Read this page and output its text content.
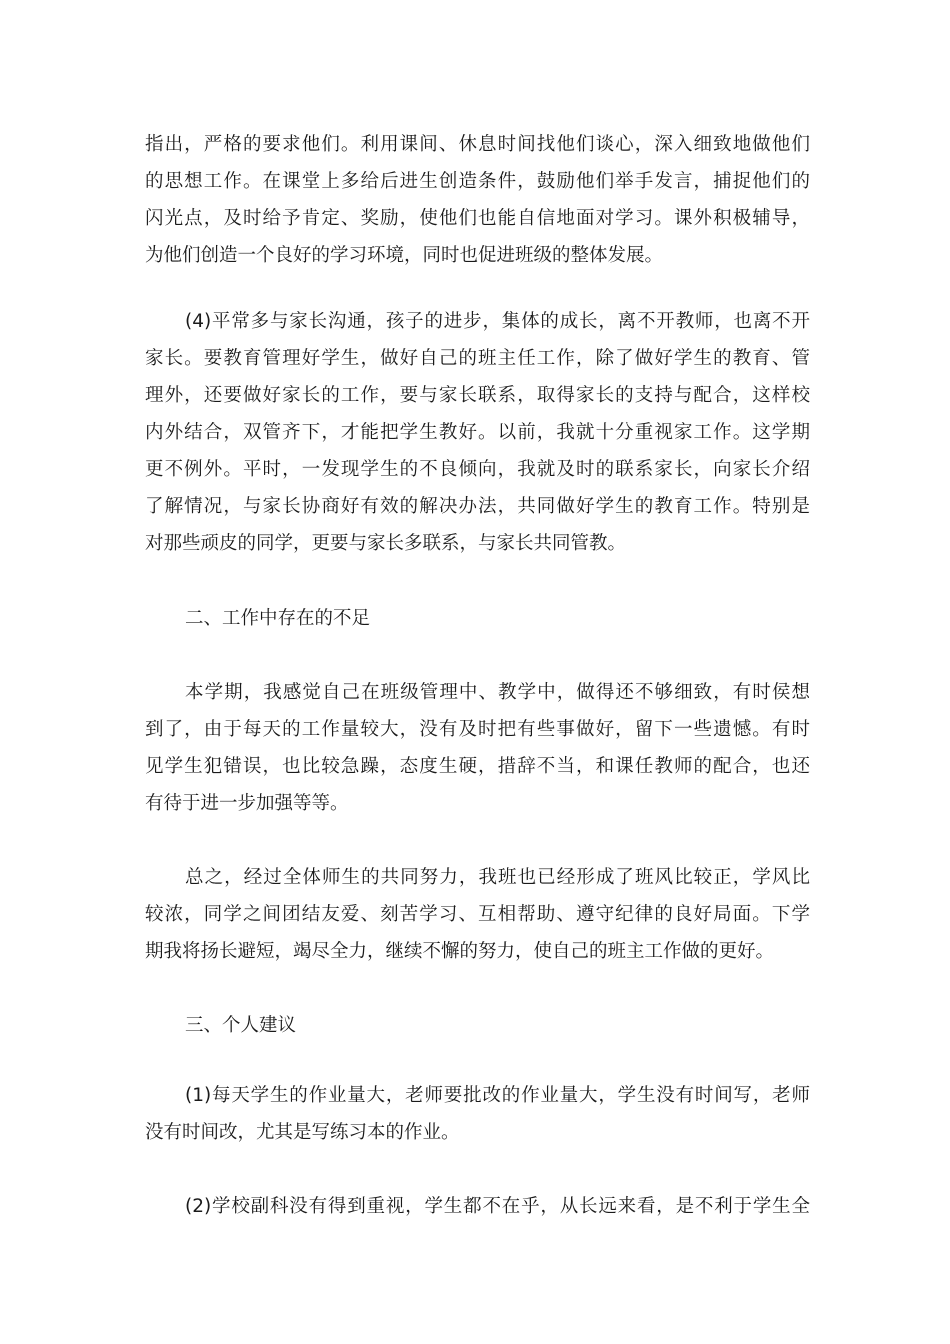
指出，严格的要求他们。利用课间、休息时间找他们谈心，深入细致地做他们
的思想工作。在课堂上多给后进生创造条件，鼓励他们举手发言，捕捉他们的
闪光点，及时给予肯定、奖励，使他们也能自信地面对学习。课外积极辅导，
为他们创造一个良好的学习环境，同时也促进班级的整体发展。
(4)平常多与家长沟通，孩子的进步，集体的成长，离不开教师，也离不开
家长。要教育管理好学生，做好自己的班主任工作，除了做好学生的教育、管
理外，还要做好家长的工作，要与家长联系，取得家长的支持与配合，这样校
内外结合，双管齐下，才能把学生教好。以前，我就十分重视家工作。这学期
更不例外。平时，一发现学生的不良倾向，我就及时的联系家长，向家长介绍
了解情况，与家长协商好有效的解决办法，共同做好学生的教育工作。特别是
对那些顽皮的同学，更要与家长多联系，与家长共同管教。
二、工作中存在的不足
本学期，我感觉自己在班级管理中、教学中，做得还不够细致，有时侯想
到了，由于每天的工作量较大，没有及时把有些事做好，留下一些遗憾。有时
见学生犯错误，也比较急躁，态度生硬，措辞不当，和课任教师的配合，也还
有待于进一步加强等等。
总之，经过全体师生的共同努力，我班也已经形成了班风比较正，学风比
较浓，同学之间团结友爱、刻苦学习、互相帮助、遵守纪律的良好局面。下学
期我将扬长避短，竭尽全力，继续不懈的努力，使自己的班主工作做的更好。
三、个人建议
(1)每天学生的作业量大，老师要批改的作业量大，学生没有时间写，老师
没有时间改，尤其是写练习本的作业。
(2)学校副科没有得到重视，学生都不在乎，从长远来看，是不利于学生全
